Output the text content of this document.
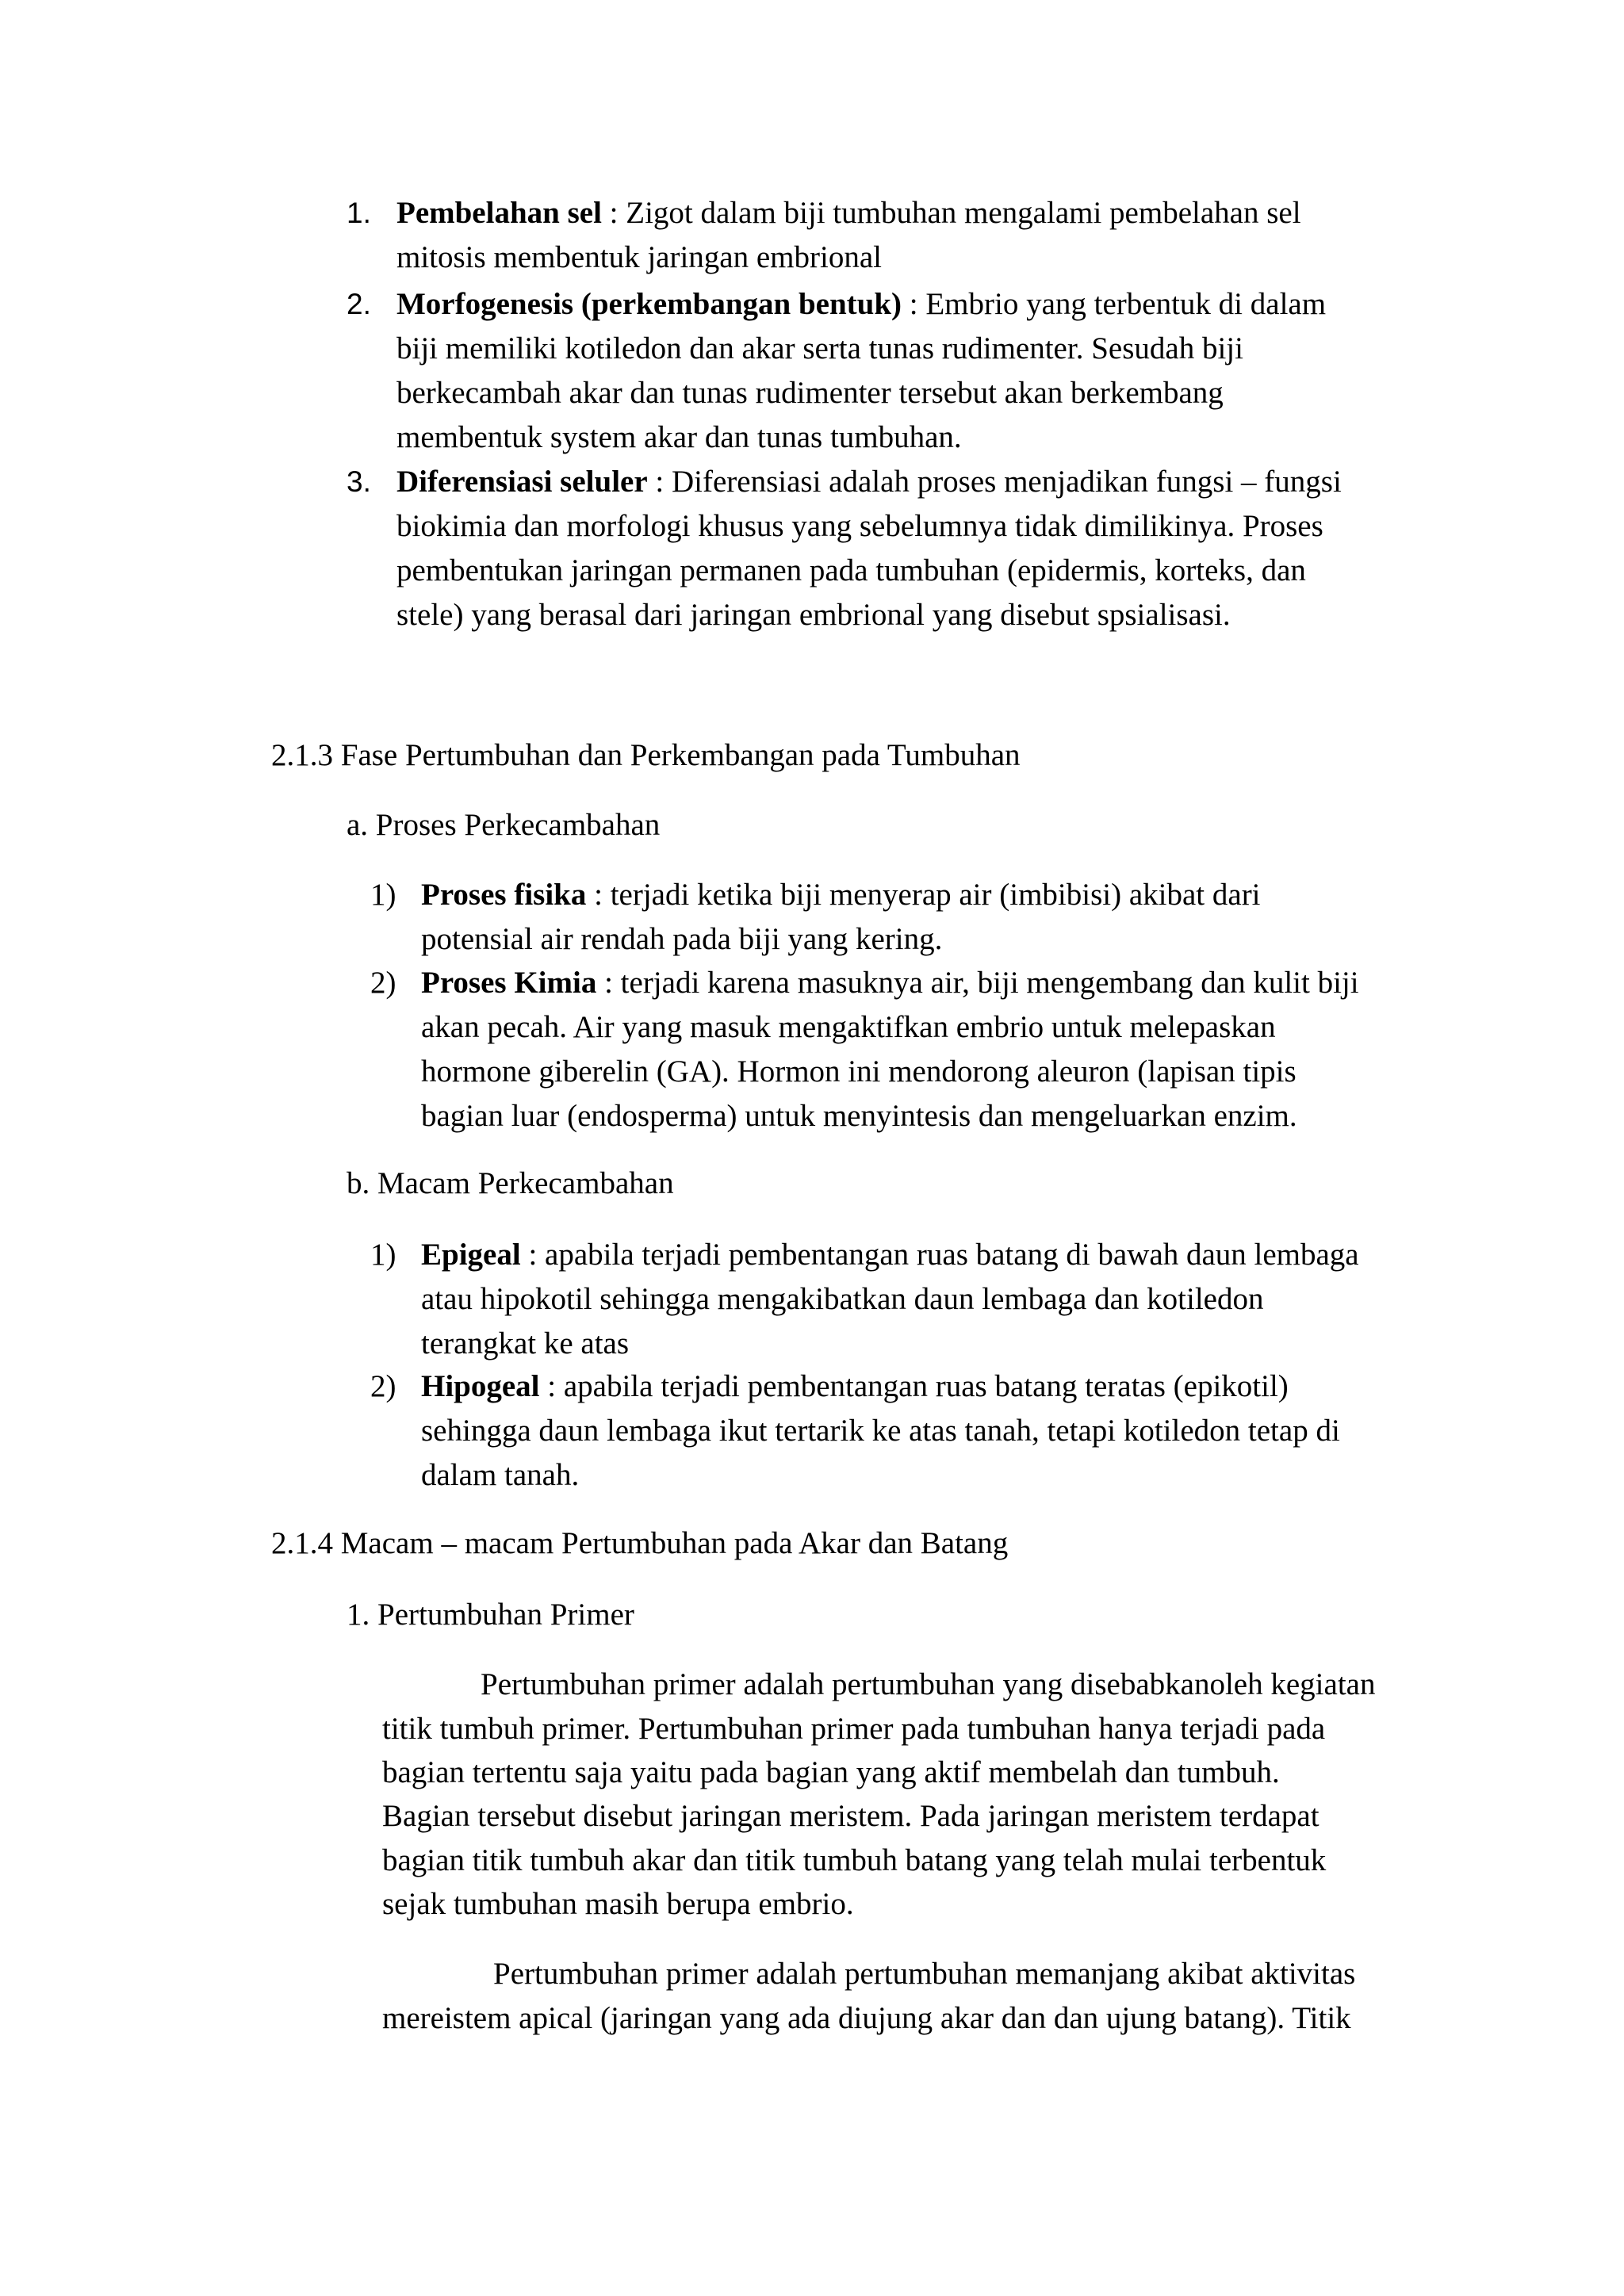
1. Pembelahan sel : Zigot dalam biji tumbuhan mengalami pembelahan sel
mitosis membentuk jaringan embrional
2. Morfogenesis (perkembangan bentuk) : Embrio yang terbentuk di dalam
biji memiliki kotiledon dan akar serta tunas rudimenter. Sesudah biji
berkecambah akar dan tunas rudimenter tersebut akan berkembang
membentuk system akar dan tunas tumbuhan.
3. Diferensiasi seluler : Diferensiasi adalah proses menjadikan fungsi – fungsi
biokimia dan morfologi khusus yang sebelumnya tidak dimilikinya. Proses
pembentukan jaringan permanen pada tumbuhan (epidermis, korteks, dan
stele) yang berasal dari jaringan embrional yang disebut spsialisasi.
2.1.3 Fase Pertumbuhan dan Perkembangan pada Tumbuhan
a. Proses Perkecambahan
1) Proses fisika : terjadi ketika biji menyerap air (imbibisi) akibat dari
potensial air rendah pada biji yang kering.
2) Proses Kimia : terjadi karena masuknya air, biji mengembang dan kulit biji
akan pecah. Air yang masuk mengaktifkan embrio untuk melepaskan
hormone giberelin (GA). Hormon ini mendorong aleuron (lapisan tipis
bagian luar (endosperma) untuk menyintesis dan mengeluarkan enzim.
b. Macam Perkecambahan
1) Epigeal : apabila terjadi pembentangan ruas batang di bawah daun lembaga
atau hipokotil sehingga mengakibatkan daun lembaga dan kotiledon
terangkat ke atas
2) Hipogeal : apabila terjadi pembentangan ruas batang teratas (epikotil)
sehingga daun lembaga ikut tertarik ke atas tanah, tetapi kotiledon tetap di
dalam tanah.
2.1.4 Macam – macam Pertumbuhan pada Akar dan Batang
1. Pertumbuhan Primer
Pertumbuhan primer adalah pertumbuhan yang disebabkanoleh kegiatan
titik tumbuh primer. Pertumbuhan primer pada tumbuhan hanya terjadi pada
bagian tertentu saja yaitu pada bagian yang aktif membelah dan tumbuh.
Bagian tersebut disebut jaringan meristem. Pada jaringan meristem terdapat
bagian titik tumbuh akar dan titik tumbuh batang yang telah mulai terbentuk
sejak tumbuhan masih berupa embrio.
Pertumbuhan primer adalah pertumbuhan memanjang akibat aktivitas
mereistem apical (jaringan yang ada diujung akar dan dan ujung batang). Titik
